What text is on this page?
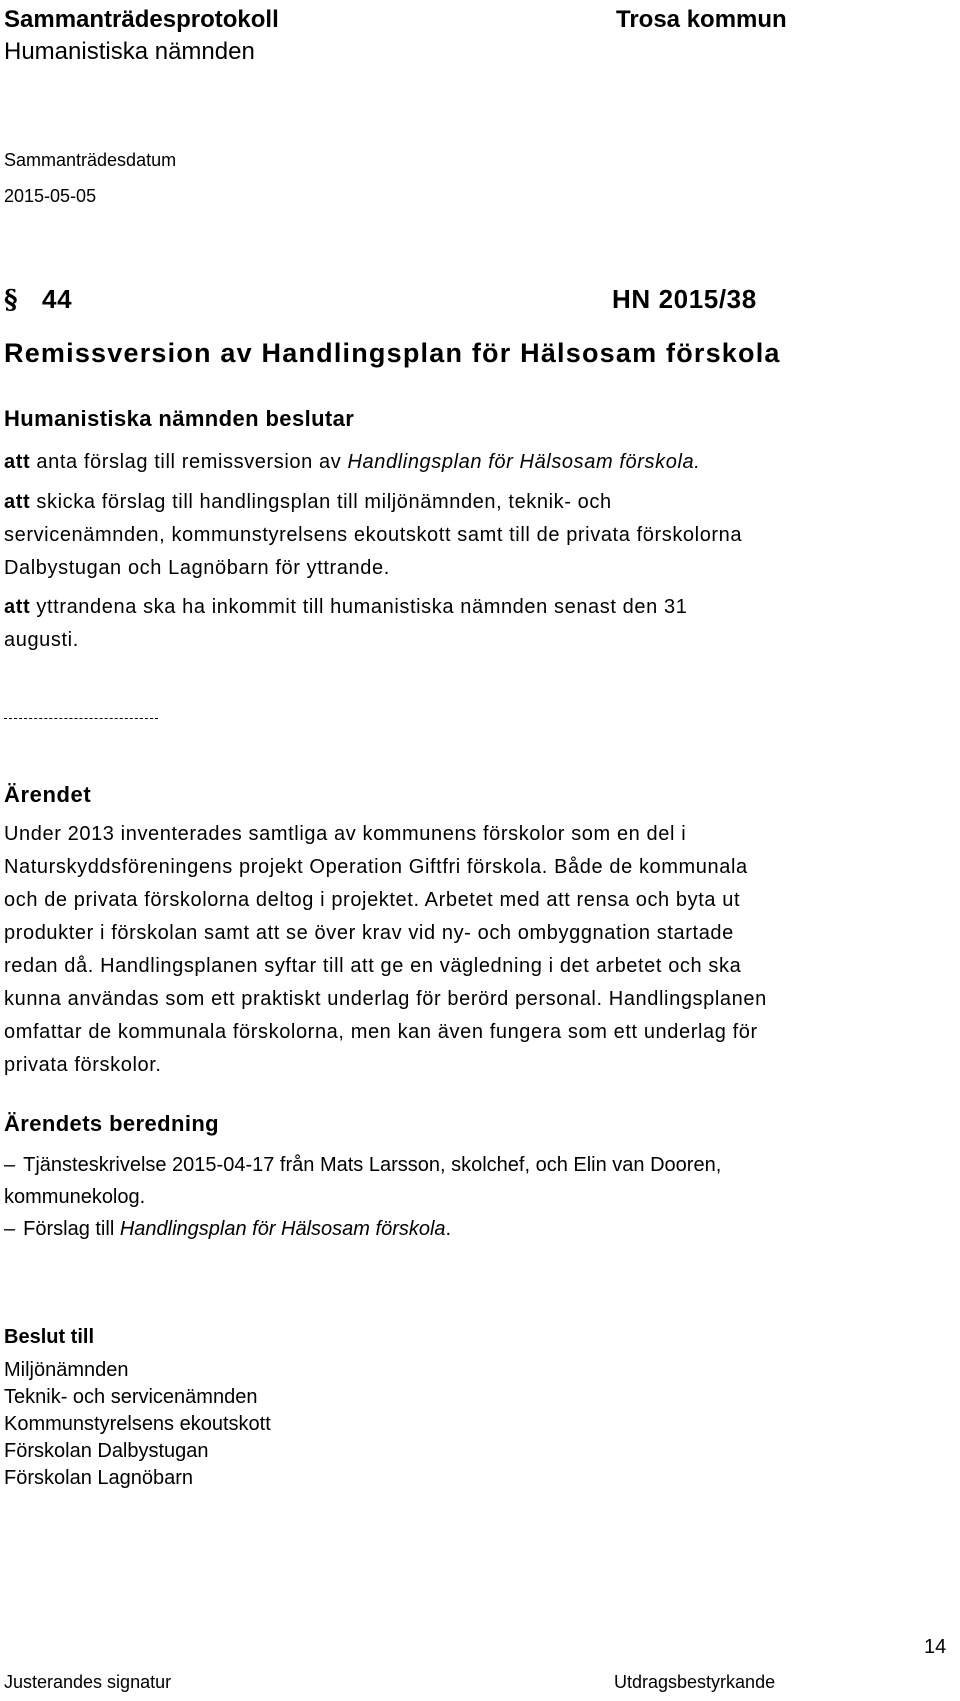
Sammanträdesprotokoll	Trosa kommun
Humanistiska nämnden
Sammanträdesdatum
2015-05-05
§ 44	HN 2015/38
Remissversion av Handlingsplan för Hälsosam förskola
Humanistiska nämnden beslutar
att anta förslag till remissversion av Handlingsplan för Hälsosam förskola.
att skicka förslag till handlingsplan till miljönämnden, teknik- och
servicenämnden, kommunstyrelsens ekoutskott samt till de privata förskolorna
Dalbystugan och Lagnöbarn för yttrande.
att yttrandena ska ha inkommit till humanistiska nämnden senast den 31
augusti.
Ärendet
Under 2013 inventerades samtliga av kommunens förskolor som en del i
Naturskyddsföreningens projekt Operation Giftfri förskola. Både de kommunala
och de privata förskolorna deltog i projektet. Arbetet med att rensa och byta ut
produkter i förskolan samt att se över krav vid ny- och ombyggnation startade
redan då. Handlingsplanen syftar till att ge en vägledning i det arbetet och ska
kunna användas som ett praktiskt underlag för berörd personal. Handlingsplanen
omfattar de kommunala förskolorna, men kan även fungera som ett underlag för
privata förskolor.
Ärendets beredning
– Tjänsteskrivelse 2015-04-17 från Mats Larsson, skolchef, och Elin van Dooren,
kommunekolog.
– Förslag till Handlingsplan för Hälsosam förskola.
Beslut till
Miljönämnden
Teknik- och servicenämnden
Kommunstyrelsens ekoutskott
Förskolan Dalbystugan
Förskolan Lagnöbarn
Justerandes signatur	Utdragsbestyrkande
14
